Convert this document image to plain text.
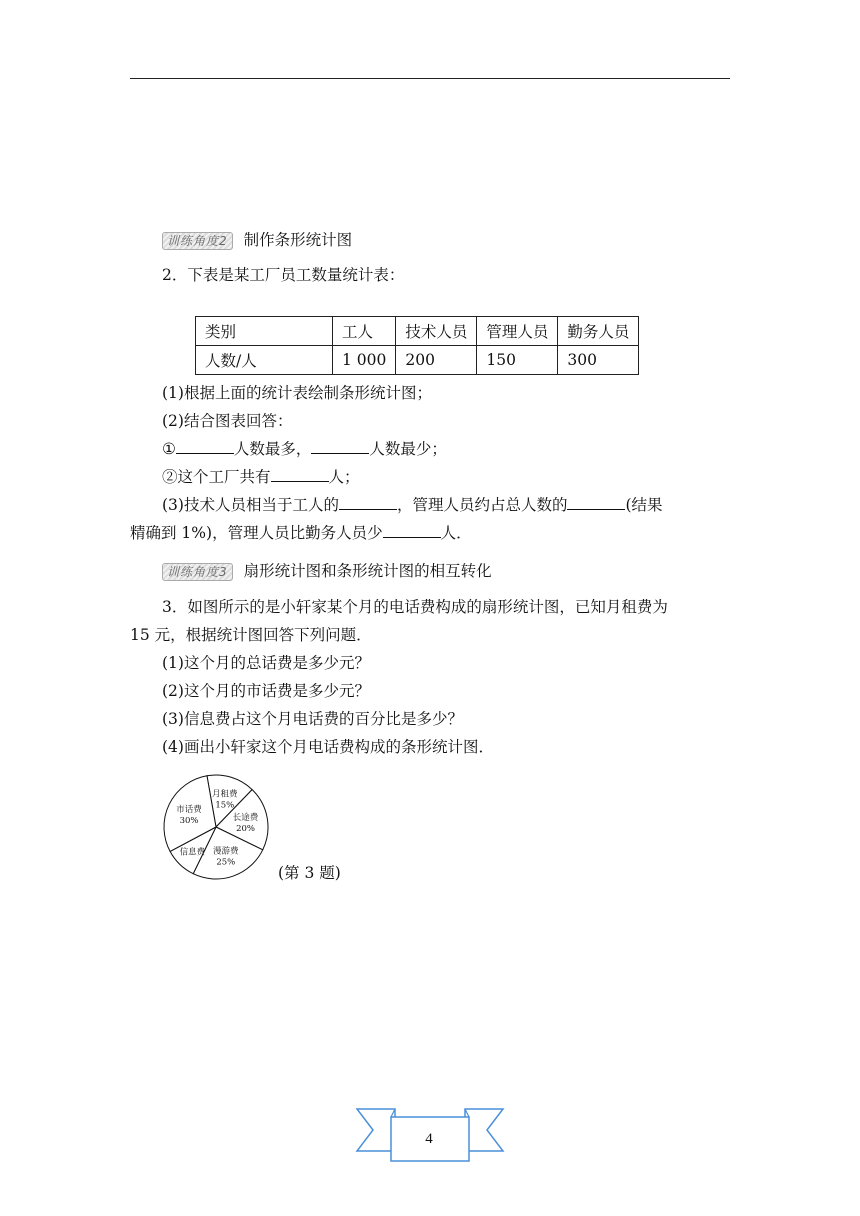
训练角度2 制作条形统计图
2．下表是某工厂员工数量统计表：
类别	工人	技术人员	管理人员	勤务人员
人数/人	1 000	200	150	300
(1)根据上面的统计表绘制条形统计图；
(2)结合图表回答：
①	人数最多，	人数最少；
②这个工厂共有	人；
(3)技术人员相当于工人的	，管理人员约占总人数的	(结果
精确到 1%)，管理人员比勤务人员少	人．
训练角度3 扇形统计图和条形统计图的相互转化
3．如图所示的是小轩家某个月的电话费构成的扇形统计图，已知月租费为
15 元，根据统计图回答下列问题．
(1)这个月的总话费是多少元？
(2)这个月的市话费是多少元？
(3)信息费占这个月电话费的百分比是多少？
(4)画出小轩家这个月电话费构成的条形统计图．
月租费
15%
长途费
20%
漫游费
25%
信息费
市话费
30%
(第 3 题)
4
